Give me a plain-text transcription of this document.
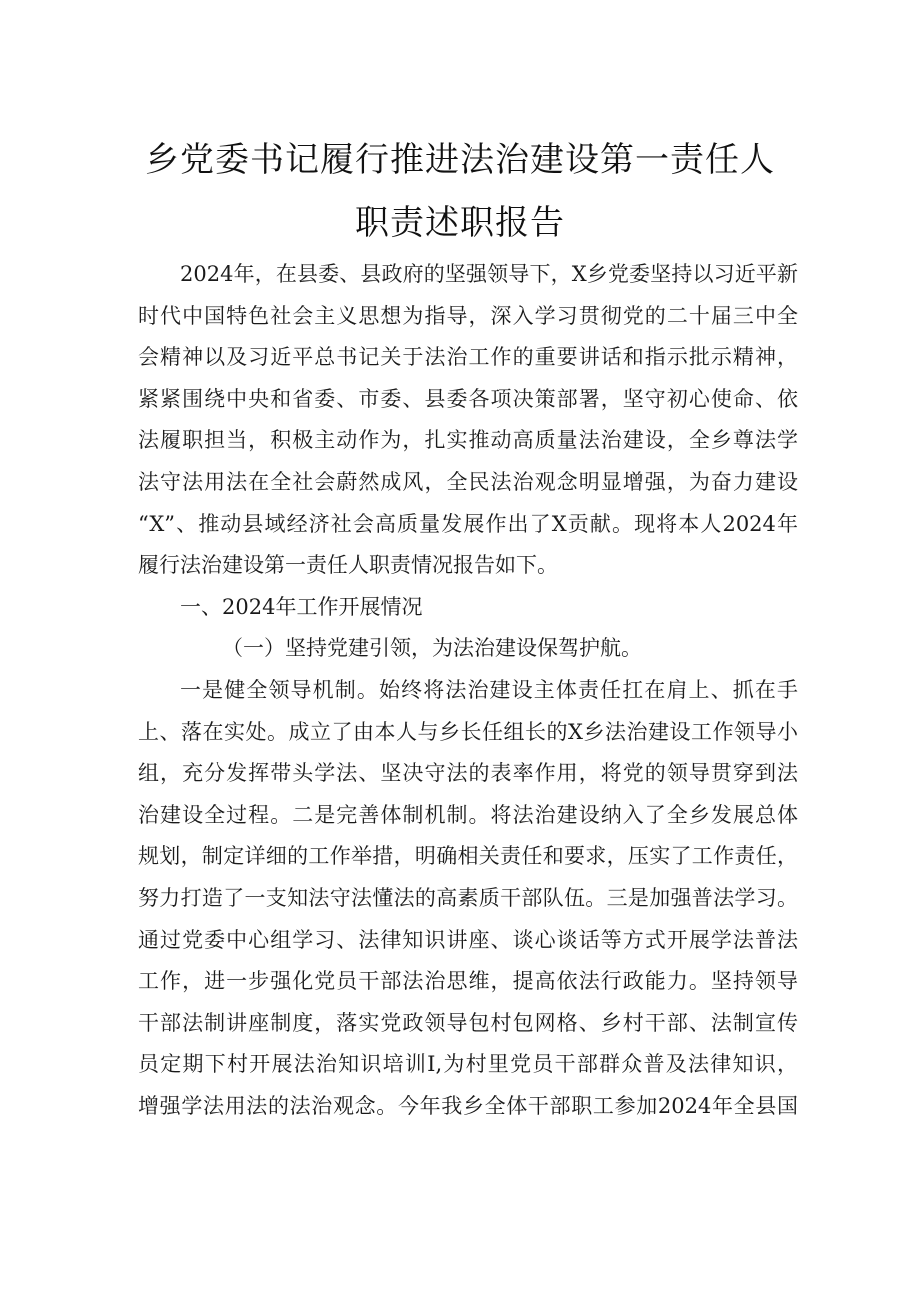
乡党委书记履行推进法治建设第一责任人
职责述职报告
2024年，在县委、县政府的坚强领导下，X乡党委坚持以习近平新
时代中国特色社会主义思想为指导，深入学习贯彻党的二十届三中全
会精神以及习近平总书记关于法治工作的重要讲话和指示批示精神，
紧紧围绕中央和省委、市委、县委各项决策部署，坚守初心使命、依
法履职担当，积极主动作为，扎实推动高质量法治建设，全乡尊法学
法守法用法在全社会蔚然成风，全民法治观念明显增强，为奋力建设
“X”、推动县域经济社会高质量发展作出了X贡献。现将本人2024年
履行法治建设第一责任人职责情况报告如下。
一、2024年工作开展情况
（一）坚持党建引领，为法治建设保驾护航。
一是健全领导机制。始终将法治建设主体责任扛在肩上、抓在手
上、落在实处。成立了由本人与乡长任组长的X乡法治建设工作领导小
组，充分发挥带头学法、坚决守法的表率作用，将党的领导贯穿到法
治建设全过程。二是完善体制机制。将法治建设纳入了全乡发展总体
规划，制定详细的工作举措，明确相关责任和要求，压实了工作责任，
努力打造了一支知法守法懂法的高素质干部队伍。三是加强普法学习。
通过党委中心组学习、法律知识讲座、谈心谈话等方式开展学法普法
工作，进一步强化党员干部法治思维，提高依法行政能力。坚持领导
干部法制讲座制度，落实党政领导包村包网格、乡村干部、法制宣传
员定期下村开展法治知识培训I,为村里党员干部群众普及法律知识，
增强学法用法的法治观念。今年我乡全体干部职工参加2024年全县国
